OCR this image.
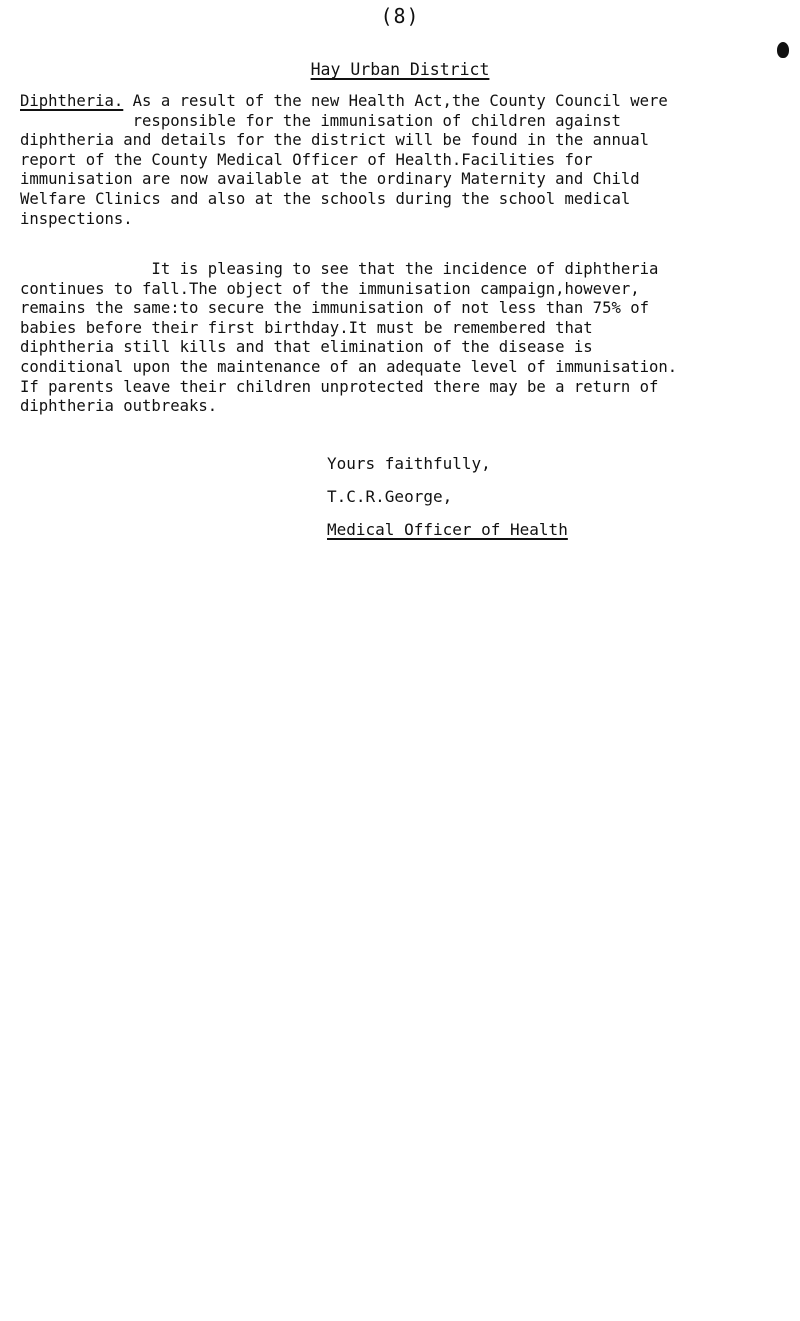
(8)
Hay Urban District
Diphtheria. As a result of the new Health Act,the County Council were
responsible for the immunisation of children against
diphtheria and details for the district will be found in the annual
report of the County Medical Officer of Health.Facilities for
immunisation are now available at the ordinary Maternity and Child
Welfare Clinics and also at the schools during the school medical
inspections.
It is pleasing to see that the incidence of diphtheria
continues to fall.The object of the immunisation campaign,however,
remains the same:to secure the immunisation of not less than 75% of
babies before their first birthday.It must be remembered that
diphtheria still kills and that elimination of the disease is
conditional upon the maintenance of an adequate level of immunisation.
If parents leave their children unprotected there may be a return of
diphtheria outbreaks.
Yours faithfully,
T.C.R.George,
Medical Officer of Health
